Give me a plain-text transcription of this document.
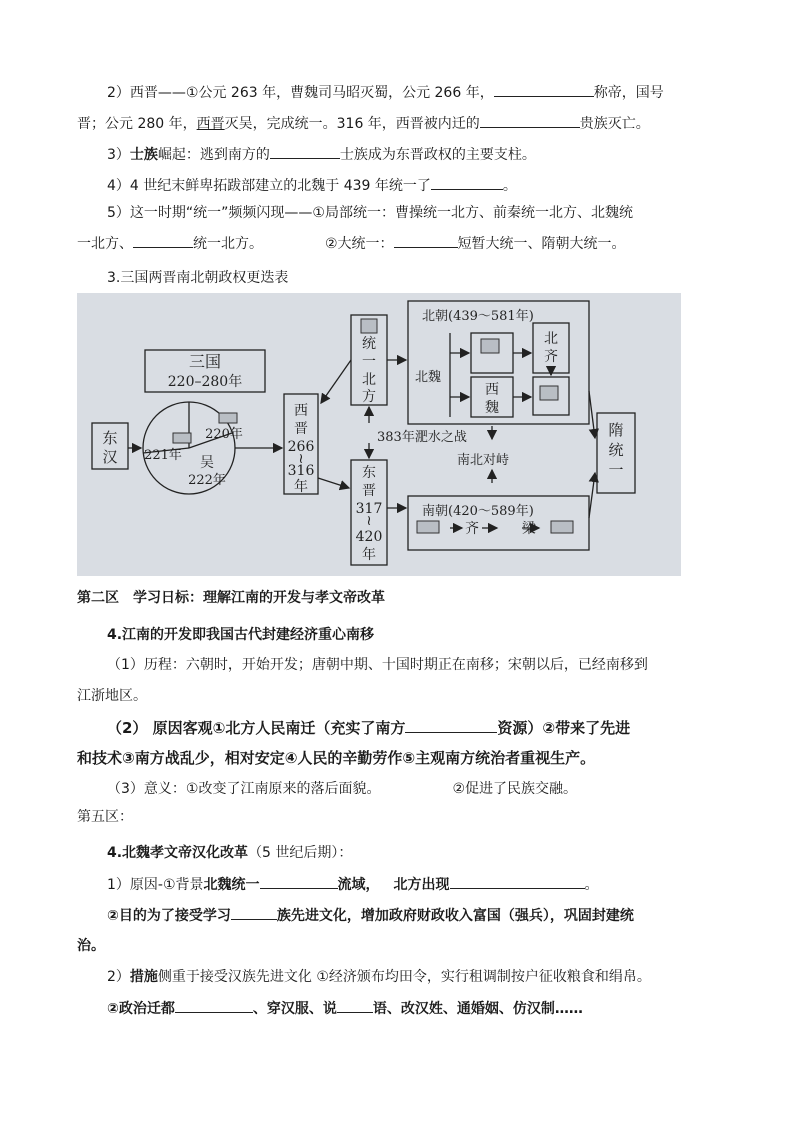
2）西晋——①公元 263 年，曹魏司马昭灭蜀，公元 266 年，	称帝，国号
晋；公元 280 年，西晋灭吴，完成统一。316 年，西晋被内迁的	贵族灭亡。
3）士族崛起：逃到南方的	士族成为东晋政权的主要支柱。
4）4 世纪末鲜卑拓跋部建立的北魏于 439 年统一了	。
5）这一时期“统一”频频闪现——①局部统一：曹操统一北方、前秦统一北方、北魏统
一北方、	统一北方。	②大统一：	短暂大统一、隋朝大统一。
3.三国两晋南北朝政权更迭表
三国
220–280年
东
汉
220年
221年 吴
222年
西
晋
266
≀
316
年
统
一
北
方
东
晋
317
≀
420
年
383年淝水之战
北朝(439～581年)
北魏
北
齐
西
魏
南北对峙
南朝(420～589年)
齐	梁
隋
统
一
第二区　学习日标：理解江南的开发与孝文帝改革
4.江南的开发即我国古代封建经济重心南移
（1）历程：六朝时，开始开发；唐朝中期、十国时期正在南移；宋朝以后，已经南移到
江浙地区。
（2） 原因客观①北方人民南迁（充实了南方	资源）②带来了先进
和技术③南方战乱少，相对安定④人民的辛勤劳作⑤主观南方统治者重视生产。
（3）意义：①改变了江南原来的落后面貌。	②促进了民族交融。
第五区：
4.北魏孝文帝汉化改革（5 世纪后期）：
1）原因-①背景北魏统一	流域， 北方出现	。
②目的为了接受学习	族先进文化，增加政府财政收入富国（强兵），巩固封建统
治。
2）措施侧重于接受汉族先进文化 ①经济颁布均田令，实行租调制按户征收粮食和绢帛。
②政治迁都	、穿汉服、说	语、改汉姓、通婚姻、仿汉制……
